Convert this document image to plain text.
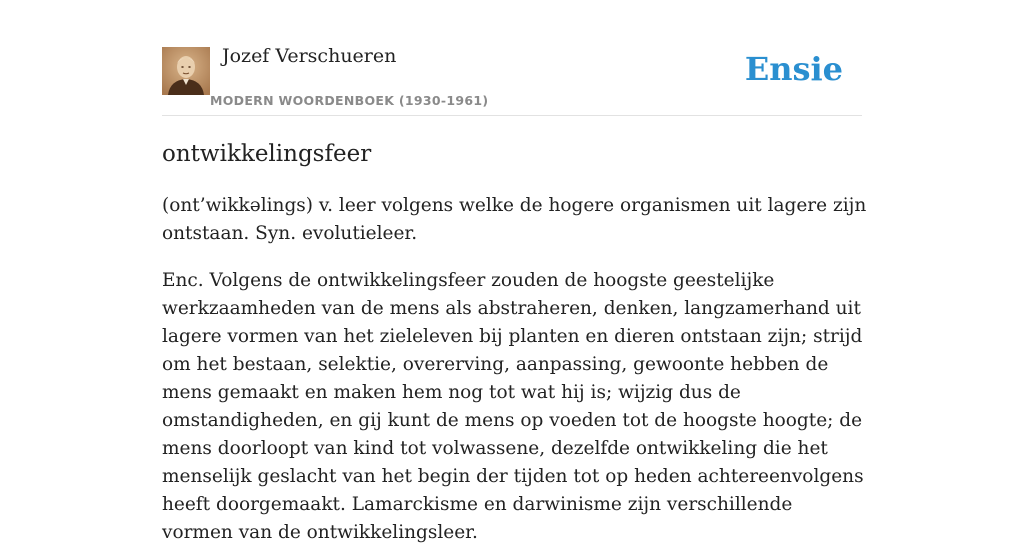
Jozef Verschueren
MODERN WOORDENBOEK (1930-1961)
Ensie
ontwikkelingsfeer

(ont’wikkəlings) v. leer volgens welke de hogere organismen uit lagere zijn ontstaan. Syn. evolutieleer.

Enc. Volgens de ontwikkelingsfeer zouden de hoogste geestelijke werkzaamheden van de mens als abstraheren, denken, langzamerhand uit lagere vormen van het zieleleven bij planten en dieren ontstaan zijn; strijd om het bestaan, selektie, overerving, aanpassing, gewoonte hebben de mens gemaakt en maken hem nog tot wat hij is; wijzig dus de omstandigheden, en gij kunt de mens op voeden tot de hoogste hoogte; de mens doorloopt van kind tot volwassene, dezelfde ontwikkeling die het menselijk geslacht van het begin der tijden tot op heden achtereenvolgens heeft doorgemaakt. Lamarckisme en darwinisme zijn verschillende vormen van de ontwikkelingsleer.
